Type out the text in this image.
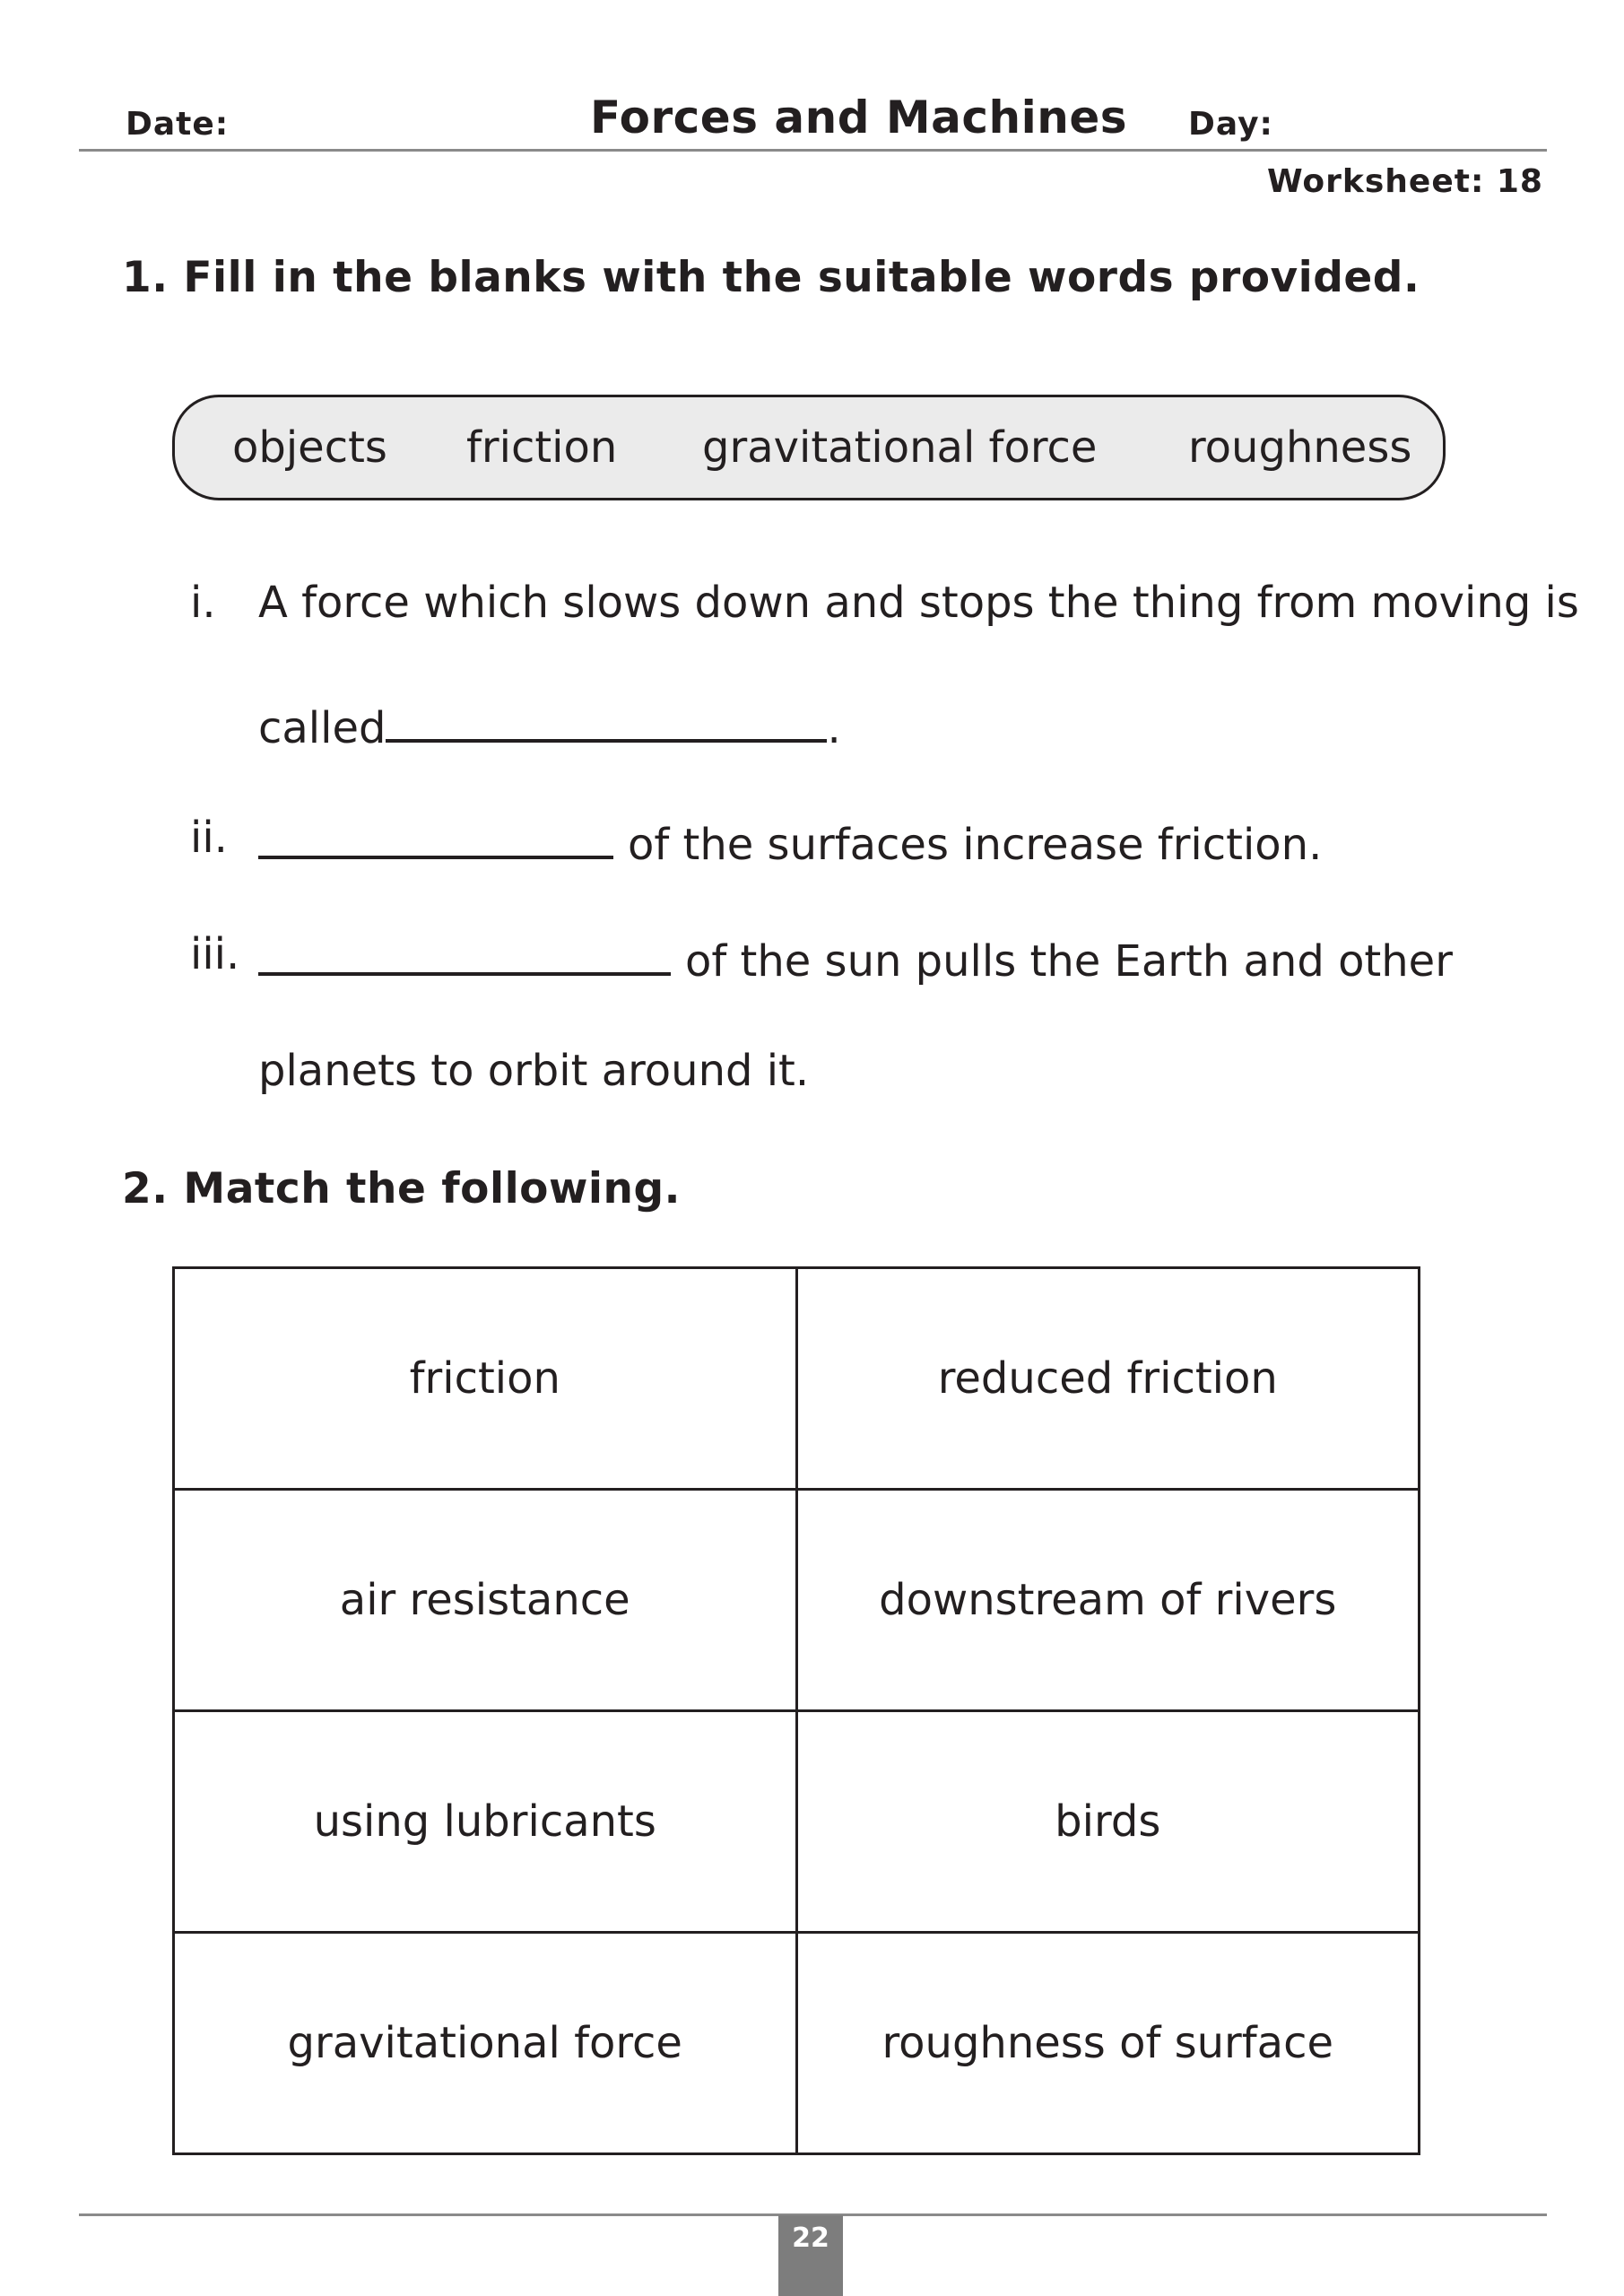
Date:	Forces and Machines Day:
Worksheet: 18
1. Fill in the blanks with the suitable words provided.
objects friction gravitational force roughness
i. A force which slows down and stops the thing from moving is
called	.
ii.	of the surfaces increase friction.
iii.	of the sun pulls the Earth and other
planets to orbit around it.
2. Match the following.
friction	reduced friction
air resistance	downstream of rivers
using lubricants	birds
gravitational force	roughness of surface
22
